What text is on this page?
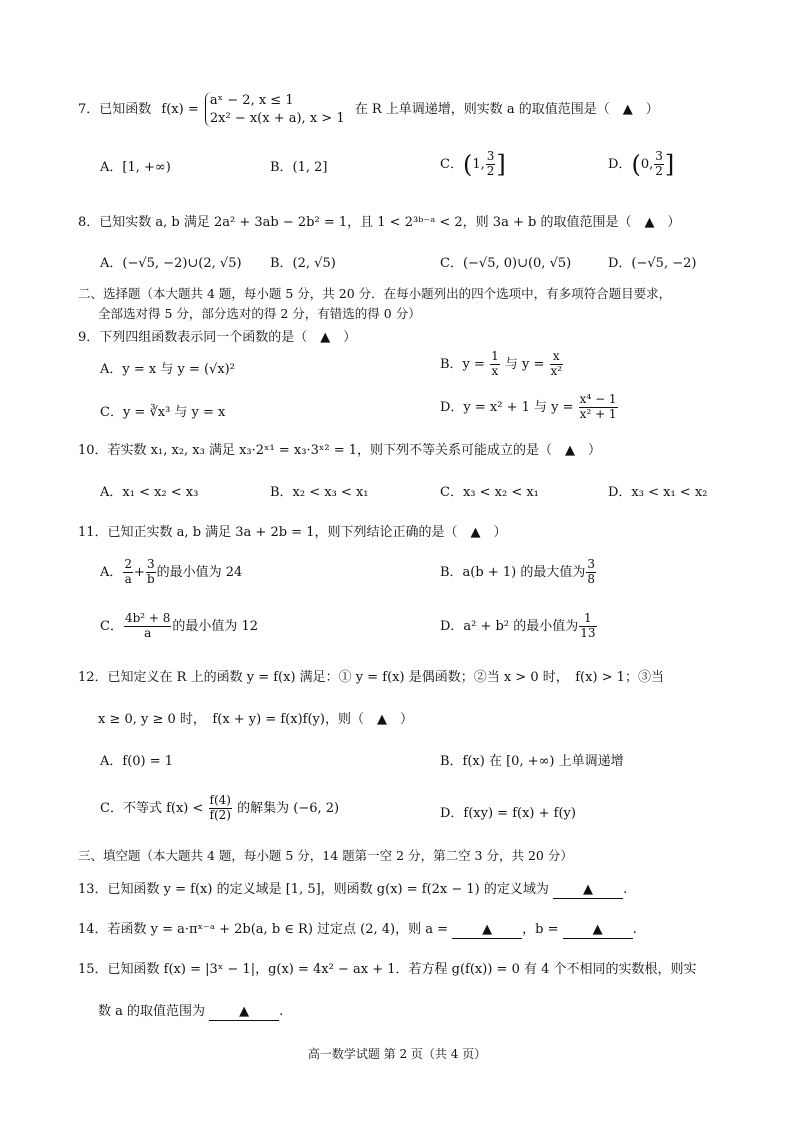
7．已知函数 f(x) =
aˣ − 2, x ≤ 1
2x² − x(x + a), x > 1
在 R 上单调递增，则实数 a 的取值范围是（　▲　）
A．[1, +∞)	B．(1, 2]	C．(1, $\frac{3}{2}$ ]	D．(0, $\frac{3}{2}$ ]
8．已知实数 a, b 满足 2a² + 3ab − 2b² = 1，且 1 < 2³ᵇ⁻ᵃ < 2，则 3a + b 的取值范围是（　▲　）
A．(−√5, −2)∪(2, √5) B．(2, √5)	C．(−√5, 0)∪(0, √5)	D．(−√5, −2)
二、选择题（本大题共 4 题，每小题 5 分，共 20 分．在每小题列出的四个选项中，有多项符合题目要求，
全部选对得 5 分，部分选对的得 2 分，有错选的得 0 分）
9．下列四组函数表示同一个函数的是（　▲　）
A．y = x 与 y = (√x)²	B．$y = \frac{1}{x}$ 与 $y = \frac{x}{\text{x²}}$
C．y = ∛x³ 与 y = x	D．y = x² + 1 与 $y = \frac{\text{x⁴ − 1}}{\text{x² + 1}}$
10．若实数 x₁, x₂, x₃ 满足 x₃·2ˣ¹ = x₃·3ˣ² = 1，则下列不等关系可能成立的是（　▲　）
A．x₁ < x₂ < x₃	B．x₂ < x₃ < x₁	C．x₃ < x₂ < x₁	D．x₃ < x₁ < x₂
11．已知正实数 a, b 满足 3a + 2b = 1，则下列结论正确的是（　▲　）
A． $\frac{2}{a} + \frac{3}{b}$ 的最小值为 24	B．a(b + 1) 的最大值为 $\frac{3}{8}$
C． $\frac{\text{4b² + 8}}{a}$ 的最小值为 12	D．a² + b² 的最小值为 $\frac{1}{13}$
12．已知定义在 R 上的函数 y = f(x) 满足：① y = f(x) 是偶函数；②当 x > 0 时，　f(x) > 1；③当
x ≥ 0, y ≥ 0 时，　f(x + y) = f(x)f(y)，则（　▲　）
A．f(0) = 1	B．f(x) 在 [0, +∞) 上单调递增
C．不等式 $f(x) < \frac{f(4)}{f(2)}$ 的解集为 (−6, 2)	D．f(xy) = f(x) + f(y)
三、填空题（本大题共 4 题，每小题 5 分，14 题第一空 2 分，第二空 3 分，共 20 分）
13．已知函数 y = f(x) 的定义域是 [1, 5]，则函数 g(x) = f(2x − 1) 的定义域为	▲ .
14．若函数 y = a·πˣ⁻ᵃ + 2b(a, b ∈ R) 过定点 (2, 4)，则 a =	▲ ，b =	▲ .
15．已知函数 f(x) = |3ˣ − 1|，g(x) = 4x² − ax + 1．若方程 g(f(x)) = 0 有 4 个不相同的实数根，则实
数 a 的取值范围为	▲ .
高一数学试题 第 2 页（共 4 页）
